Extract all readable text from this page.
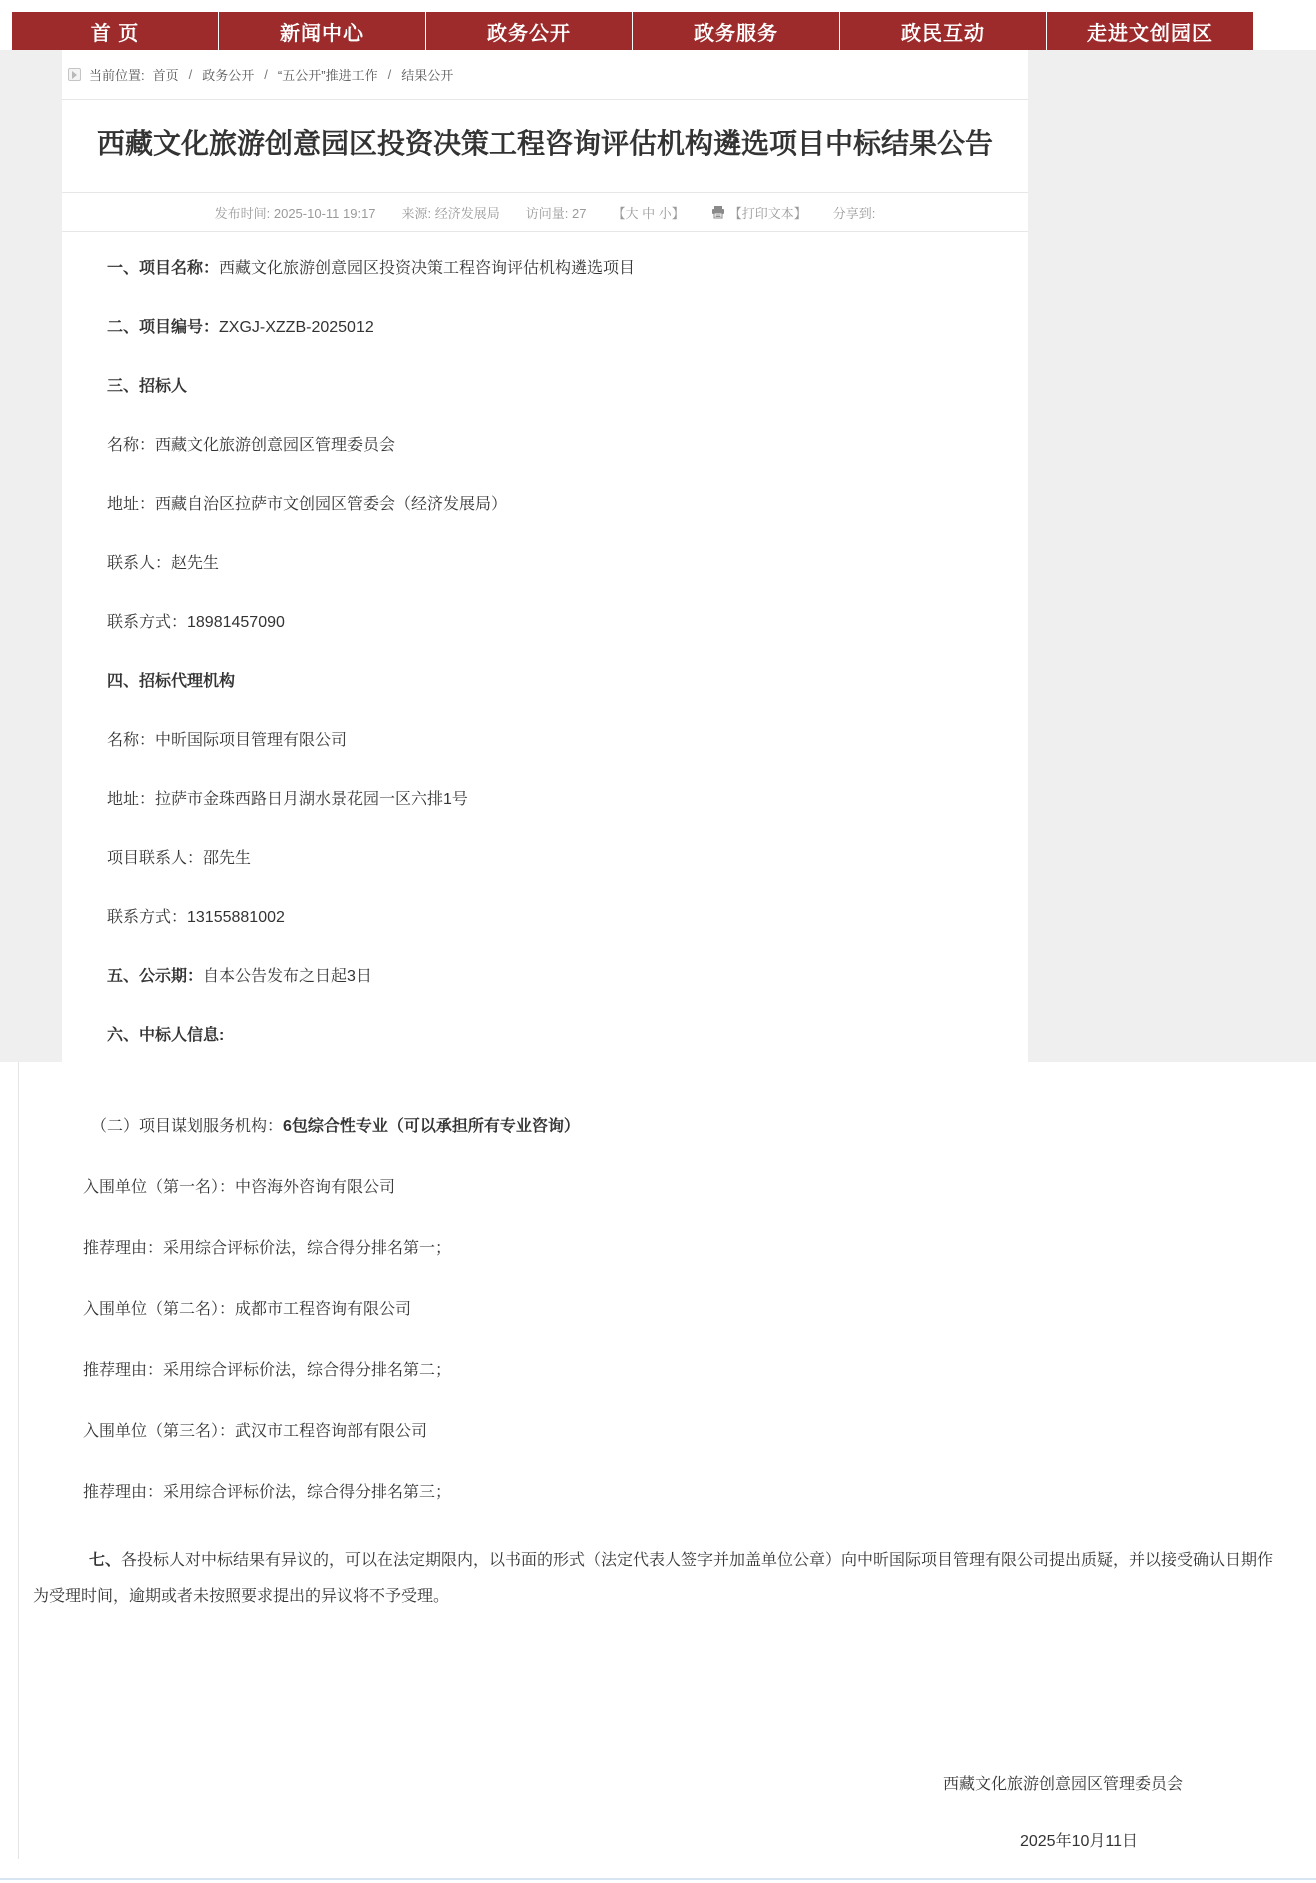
首 页	新闻中心	政务公开	政务服务	政民互动	走进文创园区
当前位置: 首页 / 政务公开 / “五公开”推进工作 / 结果公开
西藏文化旅游创意园区投资决策工程咨询评估机构遴选项目中标结果公告
发布时间: 2025-10-11 19:17 来源: 经济发展局 访问量: 27 【大 中 小】	【打印文本】 分享到:

一、项目名称：西藏文化旅游创意园区投资决策工程咨询评估机构遴选项目

二、项目编号：ZXGJ-XZZB-2025012

三、招标人

名称：西藏文化旅游创意园区管理委员会

地址：西藏自治区拉萨市文创园区管委会（经济发展局）

联系人：赵先生

联系方式：18981457090

四、招标代理机构

名称：中昕国际项目管理有限公司

地址：拉萨市金珠西路日月湖水景花园一区六排1号

项目联系人：邵先生

联系方式：13155881002

五、公示期：自本公告发布之日起3日

六、中标人信息:

（二）项目谋划服务机构：6包综合性专业（可以承担所有专业咨询）

入围单位（第一名）：中咨海外咨询有限公司

推荐理由：采用综合评标价法，综合得分排名第一；

入围单位（第二名）：成都市工程咨询有限公司

推荐理由：采用综合评标价法，综合得分排名第二；

入围单位（第三名）：武汉市工程咨询部有限公司

推荐理由：采用综合评标价法，综合得分排名第三；

七、各投标人对中标结果有异议的，可以在法定期限内，以书面的形式（法定代表人签字并加盖单位公章）向中昕国际项目管理有限公司提出质疑，并以接受确认日期作为受理时间，逾期或者未按照要求提出的异议将不予受理。

西藏文化旅游创意园区管理委员会
2025年10月11日
